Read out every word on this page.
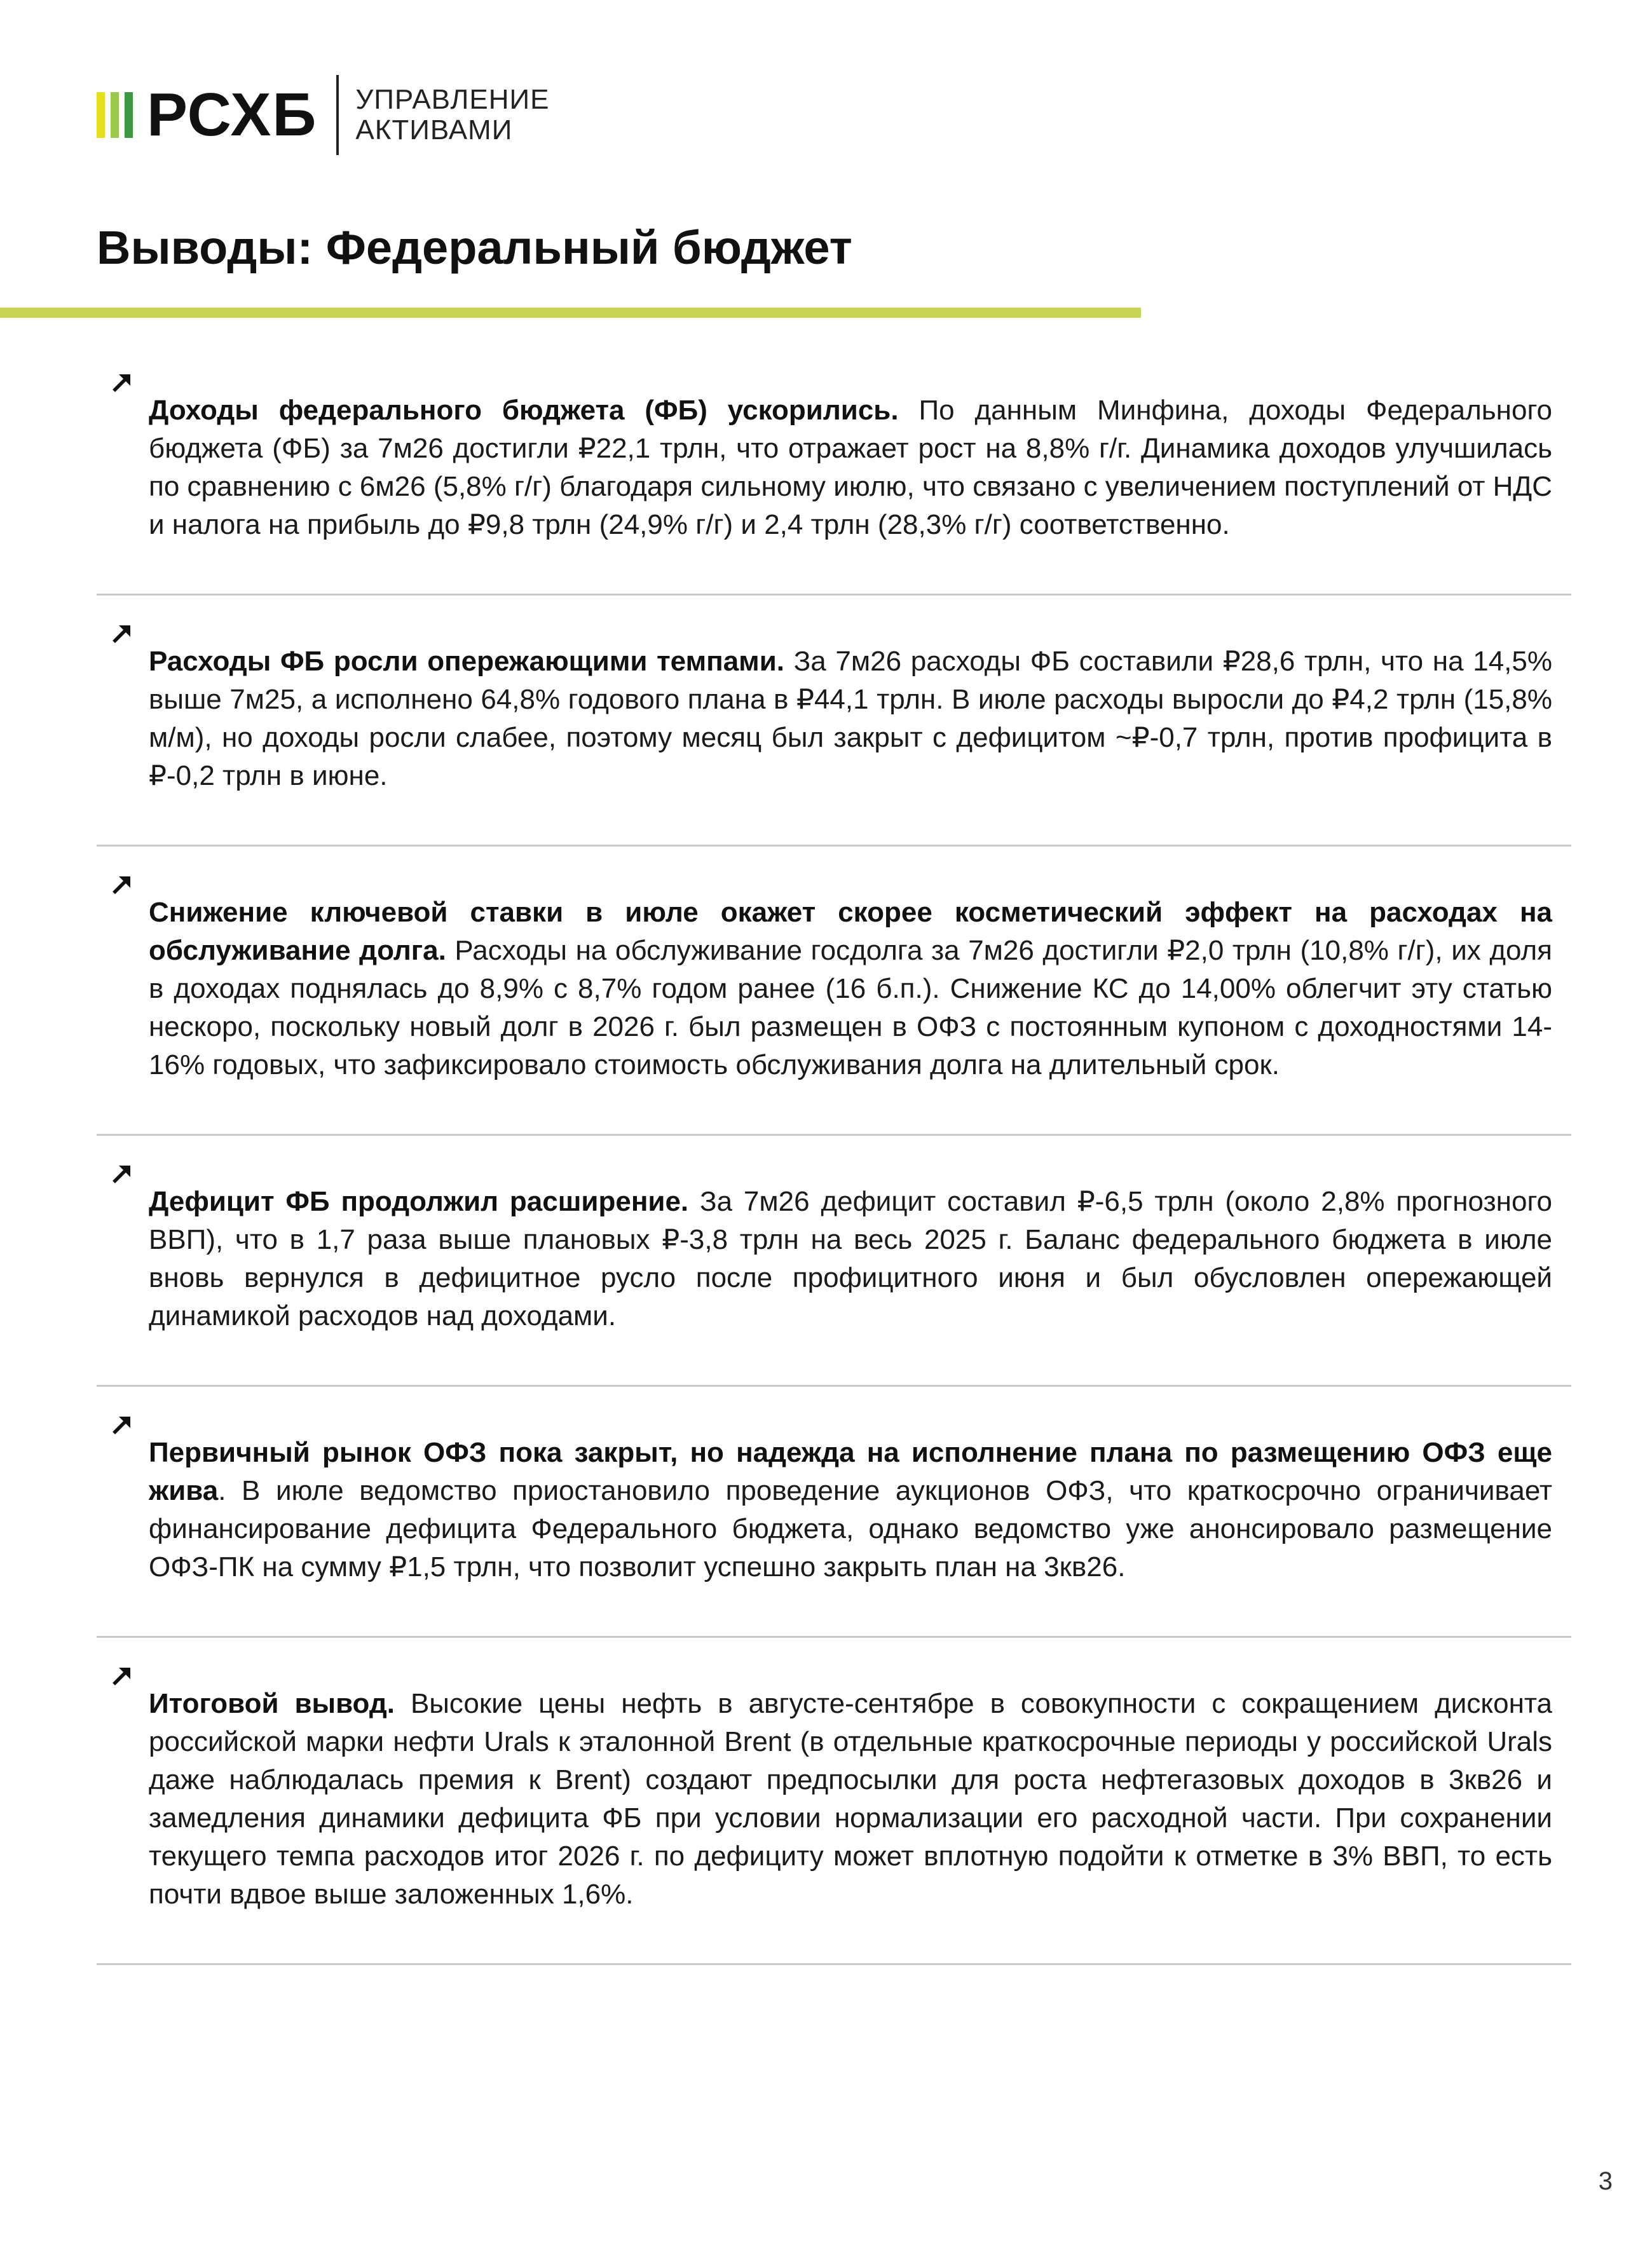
РСХБ УПРАВЛЕНИЕ
АКТИВАМИ
Выводы: Федеральный бюджет

Доходы федерального бюджета (ФБ) ускорились. По данным Минфина, доходы Федерального бюджета (ФБ) за 7м26 достигли ₽22,1 трлн, что отражает рост на 8,8% г/г. Динамика доходов улучшилась по сравнению с 6м26 (5,8% г/г) благодаря сильному июлю, что связано с увеличением поступлений от НДС и налога на прибыль до ₽9,8 трлн (24,9% г/г) и 2,4 трлн (28,3% г/г) соответственно.

Расходы ФБ росли опережающими темпами. За 7м26 расходы ФБ составили ₽28,6 трлн, что на 14,5% выше 7м25, а исполнено 64,8% годового плана в ₽44,1 трлн. В июле расходы выросли до ₽4,2 трлн (15,8% м/м), но доходы росли слабее, поэтому месяц был закрыт с дефицитом ~₽-0,7 трлн, против профицита в ₽-0,2 трлн в июне.

Снижение ключевой ставки в июле окажет скорее косметический эффект на расходах на обслуживание долга. Расходы на обслуживание госдолга за 7м26 достигли ₽2,0 трлн (10,8% г/г), их доля в доходах поднялась до 8,9% с 8,7% годом ранее (16 б.п.). Снижение КС до 14,00% облегчит эту статью нескоро, поскольку новый долг в 2026 г. был размещен в ОФЗ с постоянным купоном с доходностями 14-16% годовых, что зафиксировало стоимость обслуживания долга на длительный срок.

Дефицит ФБ продолжил расширение. За 7м26 дефицит составил ₽-6,5 трлн (около 2,8% прогнозного ВВП), что в 1,7 раза выше плановых ₽-3,8 трлн на весь 2025 г. Баланс федерального бюджета в июле вновь вернулся в дефицитное русло после профицитного июня и был обусловлен опережающей динамикой расходов над доходами.

Первичный рынок ОФЗ пока закрыт, но надежда на исполнение плана по размещению ОФЗ еще жива. В июле ведомство приостановило проведение аукционов ОФЗ, что краткосрочно ограничивает финансирование дефицита Федерального бюджета, однако ведомство уже анонсировало размещение ОФЗ-ПК на сумму ₽1,5 трлн, что позволит успешно закрыть план на 3кв26.

Итоговой вывод. Высокие цены нефть в августе-сентябре в совокупности с сокращением дисконта российской марки нефти Urals к эталонной Brent (в отдельные краткосрочные периоды у российской Urals даже наблюдалась премия к Brent) создают предпосылки для роста нефтегазовых доходов в 3кв26 и замедления динамики дефицита ФБ при условии нормализации его расходной части. При сохранении текущего темпа расходов итог 2026 г. по дефициту может вплотную подойти к отметке в 3% ВВП, то есть почти вдвое выше заложенных 1,6%.

3
